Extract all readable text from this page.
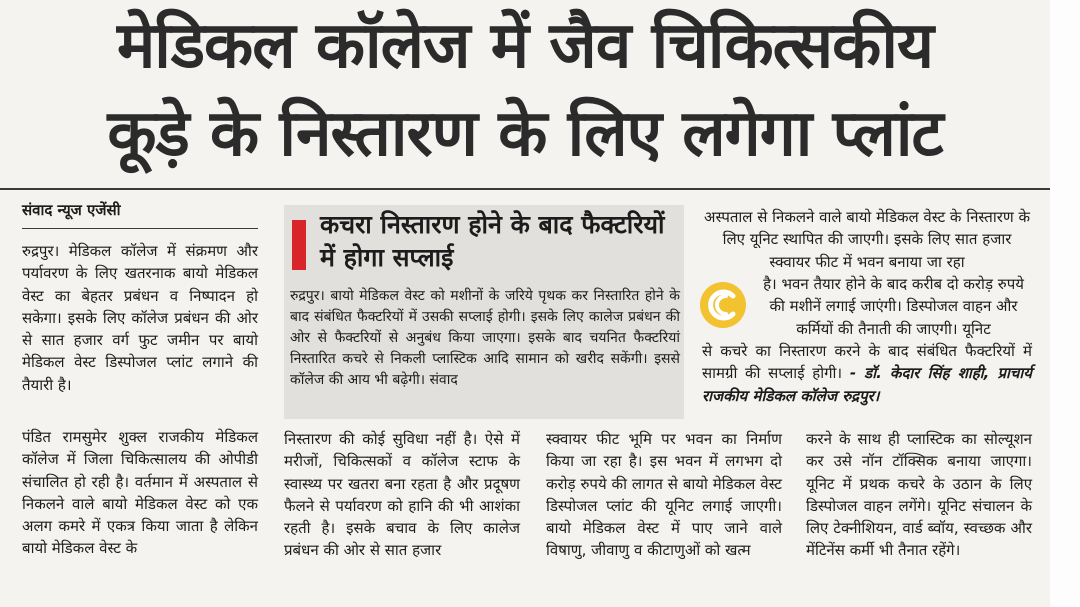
मेडिकल कॉलेज में जैव चिकित्सकीय
कूड़े के निस्तारण के लिए लगेगा प्लांट
संवाद न्यूज एजेंसी

रुद्रपुर। मेडिकल कॉलेज में संक्रमण और पर्यावरण के लिए खतरनाक बायो मेडिकल वेस्ट का बेहतर प्रबंधन व निष्पादन हो सकेगा। इसके लिए कॉलेज प्रबंधन की ओर से सात हजार वर्ग फुट जमीन पर बायो मेडिकल वेस्ट डिस्पोजल प्लांट लगाने की तैयारी है।

पंडित रामसुमेर शुक्ल राजकीय मेडिकल कॉलेज में जिला चिकित्सालय की ओपीडी संचालित हो रही है। वर्तमान में अस्पताल से निकलने वाले बायो मेडिकल वेस्ट को एक अलग कमरे में एकत्र किया जाता है लेकिन बायो मेडिकल वेस्ट के

कचरा निस्तारण होने के बाद फैक्टरियों में होगा सप्लाई

रुद्रपुर। बायो मेडिकल वेस्ट को मशीनों के जरिये पृथक कर निस्तारित होने के बाद संबंधित फैक्टरियों में उसकी सप्लाई होगी। इसके लिए कालेज प्रबंधन की ओर से फैक्टरियों से अनुबंध किया जाएगा। इसके बाद चयनित फैक्टरियां निस्तारित कचरे से निकली प्लास्टिक आदि सामान को खरीद सकेंगी। इससे कॉलेज की आय भी बढ़ेगी। संवाद

अस्पताल से निकलने वाले बायो मेडिकल वेस्ट के निस्तारण के लिए यूनिट स्थापित की जाएगी। इसके लिए सात हजार स्क्वायर फीट में भवन बनाया जा रहा

है। भवन तैयार होने के बाद करीब दो करोड़ रुपये की मशीनें लगाई जाएंगी। डिस्पोजल वाहन और कर्मियों की तैनाती की जाएगी। यूनिट

से कचरे का निस्तारण करने के बाद संबंधित फैक्टरियों में सामग्री की सप्लाई होगी। - डॉ. केदार सिंह शाही, प्राचार्य राजकीय मेडिकल कॉलेज रुद्रपुर।

निस्तारण की कोई सुविधा नहीं है। ऐसे में मरीजों, चिकित्सकों व कॉलेज स्टाफ के स्वास्थ्य पर खतरा बना रहता है और प्रदूषण फैलने से पर्यावरण को हानि की भी आशंका रहती है। इसके बचाव के लिए कालेज प्रबंधन की ओर से सात हजार

स्क्वायर फीट भूमि पर भवन का निर्माण किया जा रहा है। इस भवन में लगभग दो करोड़ रुपये की लागत से बायो मेडिकल वेस्ट डिस्पोजल प्लांट की यूनिट लगाई जाएगी। बायो मेडिकल वेस्ट में पाए जाने वाले विषाणु, जीवाणु व कीटाणुओं को खत्म

करने के साथ ही प्लास्टिक का सोल्यूशन कर उसे नॉन टॉक्सिक बनाया जाएगा। यूनिट में प्रथक कचरे के उठान के लिए डिस्पोजल वाहन लगेंगे। यूनिट संचालन के लिए टेक्नीशियन, वार्ड ब्वॉय, स्वच्छक और मेंटिनेंस कर्मी भी तैनात रहेंगे।
